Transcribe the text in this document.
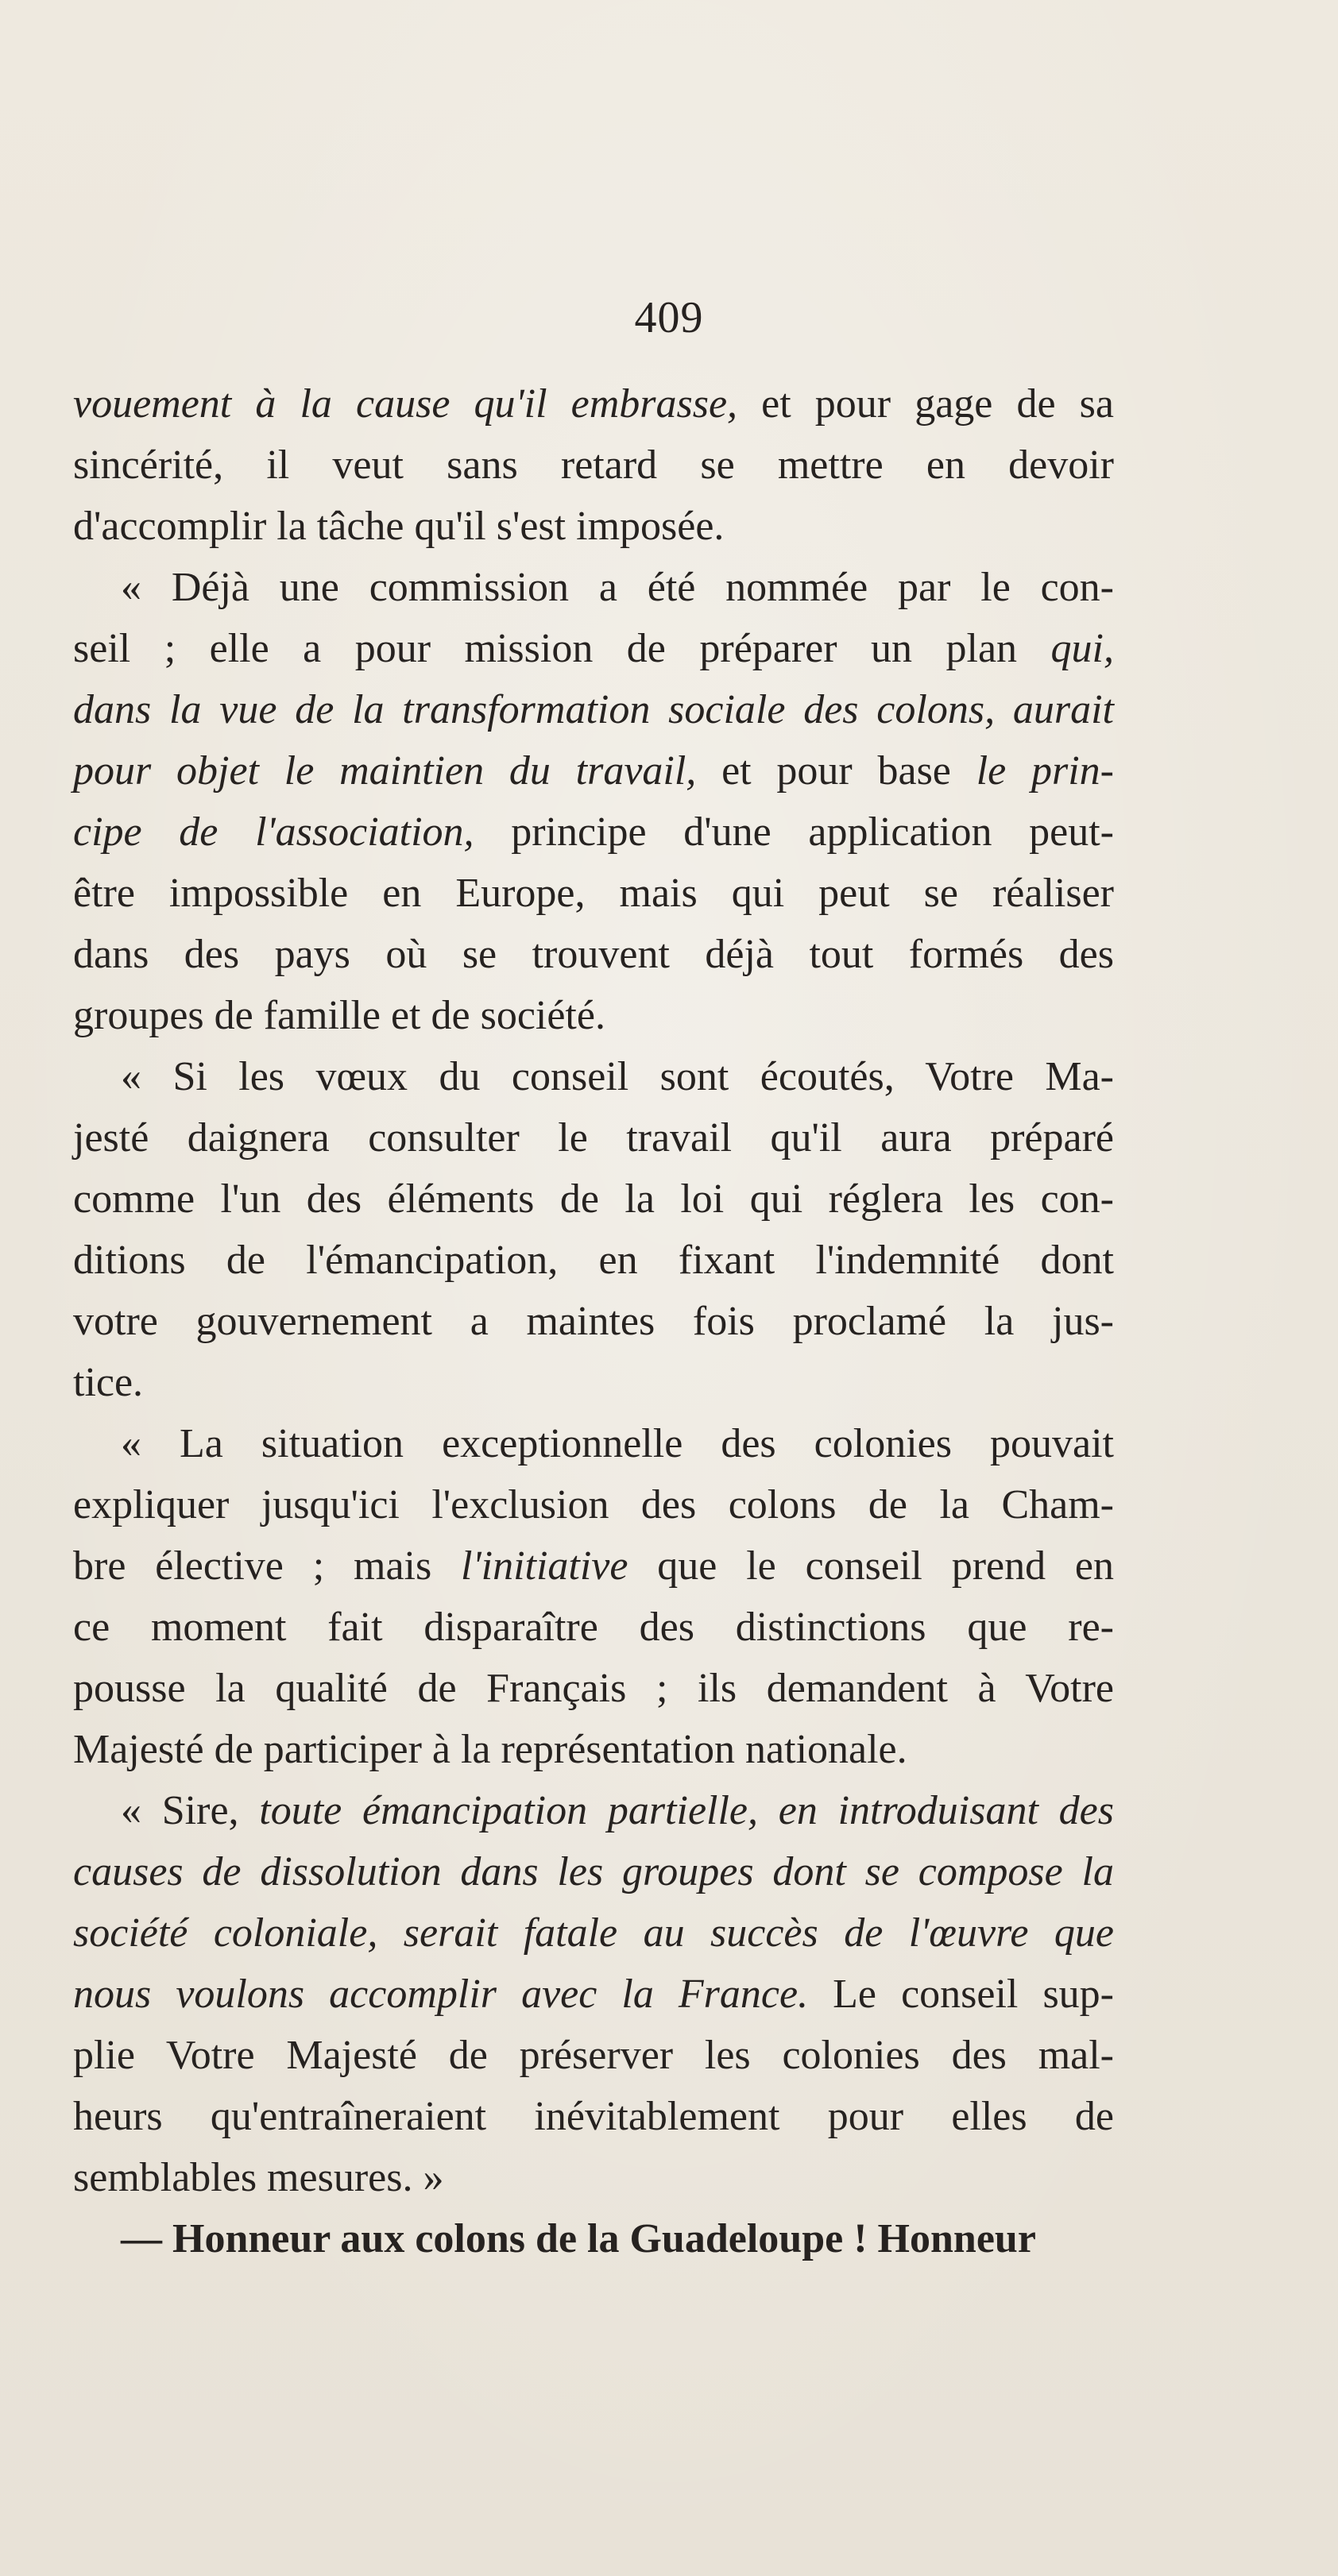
409
vouement à la cause qu'il embrasse, et pour gage de sa
sincérité, il veut sans retard se mettre en devoir
d'accomplir la tâche qu'il s'est imposée.
« Déjà une commission a été nommée par le con-
seil ; elle a pour mission de préparer un plan qui,
dans la vue de la transformation sociale des colons, aurait
pour objet le maintien du travail, et pour base le prin-
cipe de l'association, principe d'une application peut-
être impossible en Europe, mais qui peut se réaliser
dans des pays où se trouvent déjà tout formés des
groupes de famille et de société.
« Si les vœux du conseil sont écoutés, Votre Ma-
jesté daignera consulter le travail qu'il aura préparé
comme l'un des éléments de la loi qui réglera les con-
ditions de l'émancipation, en fixant l'indemnité dont
votre gouvernement a maintes fois proclamé la jus-
tice.
« La situation exceptionnelle des colonies pouvait
expliquer jusqu'ici l'exclusion des colons de la Cham-
bre élective ; mais l'initiative que le conseil prend en
ce moment fait disparaître des distinctions que re-
pousse la qualité de Français ; ils demandent à Votre
Majesté de participer à la représentation nationale.
« Sire, toute émancipation partielle, en introduisant des
causes de dissolution dans les groupes dont se compose la
société coloniale, serait fatale au succès de l'œuvre que
nous voulons accomplir avec la France. Le conseil sup-
plie Votre Majesté de préserver les colonies des mal-
heurs qu'entraîneraient inévitablement pour elles de
semblables mesures. »
— Honneur aux colons de la Guadeloupe ! Honneur
